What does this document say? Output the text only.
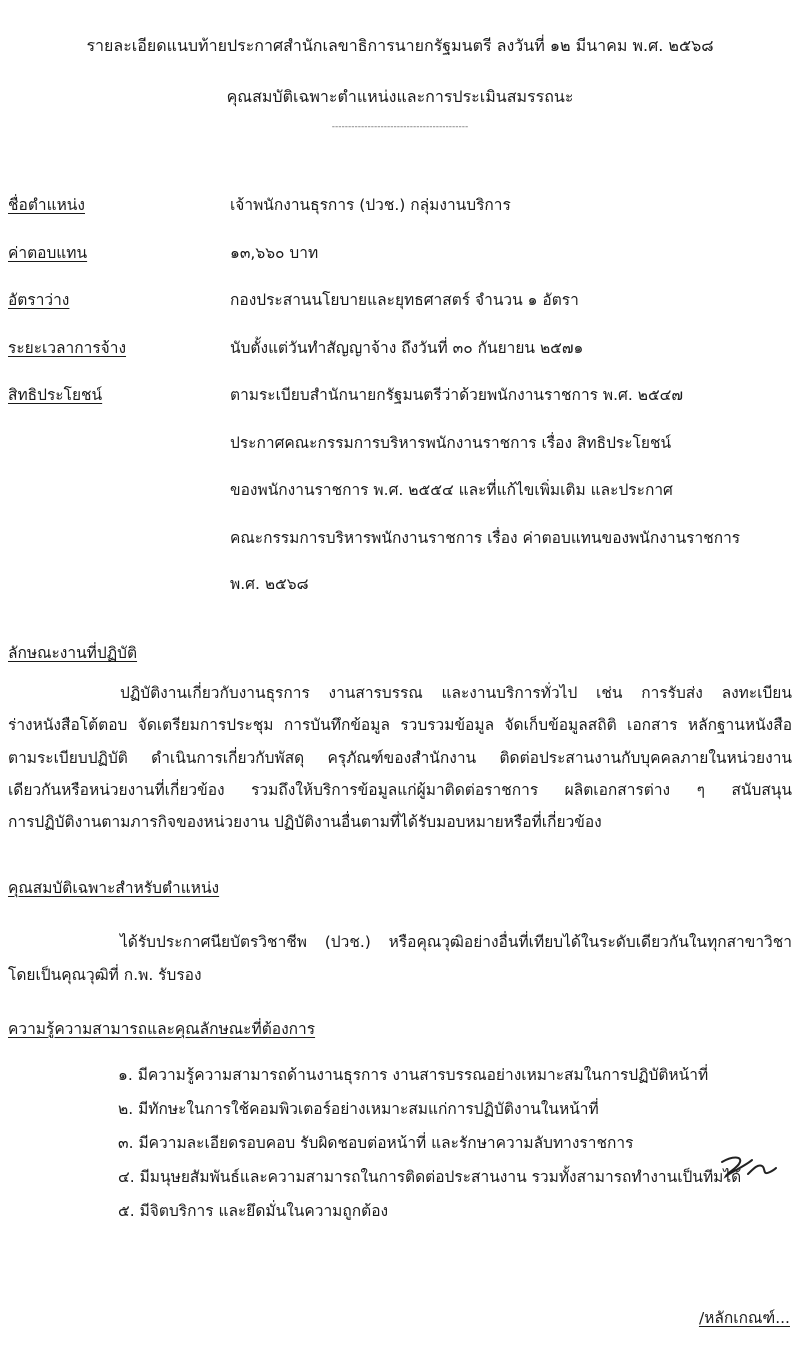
รายละเอียดแนบท้ายประกาศสำนักเลขาธิการนายกรัฐมนตรี ลงวันที่ ๑๒ มีนาคม พ.ศ. ๒๕๖๘
คุณสมบัติเฉพาะตำแหน่งและการประเมินสมรรถนะ
------------------------------------------
ชื่อตำแหน่ง	เจ้าพนักงานธุรการ (ปวช.) กลุ่มงานบริการ
ค่าตอบแทน	๑๓,๖๖๐ บาท
อัตราว่าง	กองประสานนโยบายและยุทธศาสตร์ จำนวน ๑ อัตรา
ระยะเวลาการจ้าง	นับตั้งแต่วันทำสัญญาจ้าง ถึงวันที่ ๓๐ กันยายน ๒๕๗๑
สิทธิประโยชน์	ตามระเบียบสำนักนายกรัฐมนตรีว่าด้วยพนักงานราชการ พ.ศ. ๒๕๔๗
ประกาศคณะกรรมการบริหารพนักงานราชการ เรื่อง สิทธิประโยชน์
ของพนักงานราชการ พ.ศ. ๒๕๕๔ และที่แก้ไขเพิ่มเติม และประกาศ
คณะกรรมการบริหารพนักงานราชการ เรื่อง ค่าตอบแทนของพนักงานราชการ
พ.ศ. ๒๕๖๘
ลักษณะงานที่ปฏิบัติ
ปฏิบัติงานเกี่ยวกับงานธุรการ งานสารบรรณ และงานบริการทั่วไป เช่น การรับส่ง ลงทะเบียน
ร่างหนังสือโต้ตอบ จัดเตรียมการประชุม การบันทึกข้อมูล รวบรวมข้อมูล จัดเก็บข้อมูลสถิติ เอกสาร หลักฐานหนังสือ
ตามระเบียบปฏิบัติ ดำเนินการเกี่ยวกับพัสดุ ครุภัณฑ์ของสำนักงาน ติดต่อประสานงานกับบุคคลภายในหน่วยงาน
เดียวกันหรือหน่วยงานที่เกี่ยวข้อง รวมถึงให้บริการข้อมูลแก่ผู้มาติดต่อราชการ ผลิตเอกสารต่าง ๆ สนับสนุน
การปฏิบัติงานตามภารกิจของหน่วยงาน ปฏิบัติงานอื่นตามที่ได้รับมอบหมายหรือที่เกี่ยวข้อง
คุณสมบัติเฉพาะสำหรับตำแหน่ง
ได้รับประกาศนียบัตรวิชาชีพ (ปวช.) หรือคุณวุฒิอย่างอื่นที่เทียบได้ในระดับเดียวกันในทุกสาขาวิชา
โดยเป็นคุณวุฒิที่ ก.พ. รับรอง
ความรู้ความสามารถและคุณลักษณะที่ต้องการ
๑. มีความรู้ความสามารถด้านงานธุรการ งานสารบรรณอย่างเหมาะสมในการปฏิบัติหน้าที่
๒. มีทักษะในการใช้คอมพิวเตอร์อย่างเหมาะสมแก่การปฏิบัติงานในหน้าที่
๓. มีความละเอียดรอบคอบ รับผิดชอบต่อหน้าที่ และรักษาความลับทางราชการ
๔. มีมนุษยสัมพันธ์และความสามารถในการติดต่อประสานงาน รวมทั้งสามารถทำงานเป็นทีมได้
๕. มีจิตบริการ และยึดมั่นในความถูกต้อง
/หลักเกณฑ์...
